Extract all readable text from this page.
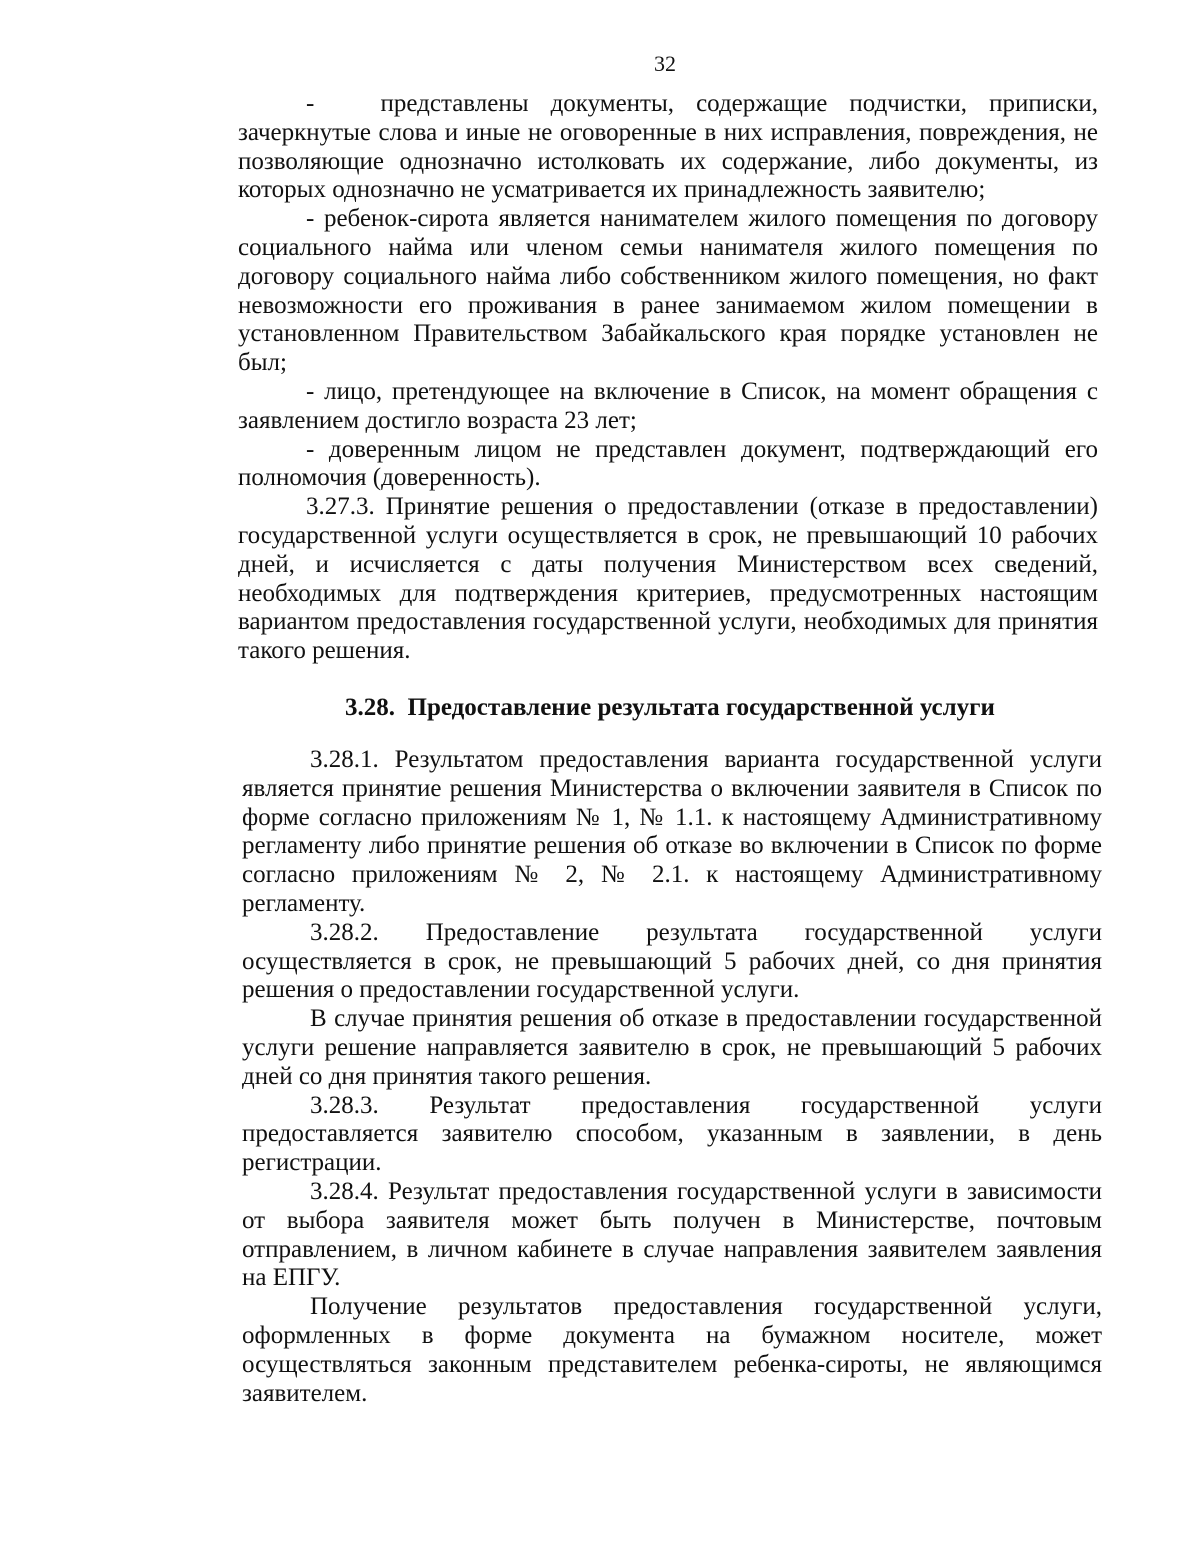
32

-   представлены документы, содержащие подчистки, приписки, зачеркнутые слова и иные не оговоренные в них исправления, повреждения, не позволяющие однозначно истолковать их содержание, либо документы, из которых однозначно не усматривается их принадлежность заявителю;

- ребенок-сирота является нанимателем жилого помещения по договору социального найма или членом семьи нанимателя жилого помещения по договору социального найма либо собственником жилого помещения, но факт невозможности его проживания в ранее занимаемом жилом помещении в установленном Правительством Забайкальского края порядке установлен не был;

- лицо, претендующее на включение в Список, на момент обращения с заявлением достигло возраста 23 лет;

- доверенным лицом не представлен документ, подтверждающий его полномочия (доверенность).

3.27.3. Принятие решения о предоставлении (отказе в предоставлении) государственной услуги осуществляется в срок, не превышающий 10 рабочих дней, и исчисляется с даты получения Министерством всех сведений, необходимых для подтверждения критериев, предусмотренных настоящим вариантом предоставления государственной услуги, необходимых для принятия такого решения.

3.28.  Предоставление результата государственной услуги

3.28.1. Результатом предоставления варианта государственной услуги является принятие решения Министерства о включении заявителя в Список по форме согласно приложениям № 1, № 1.1. к настоящему Административному регламенту либо принятие решения об отказе во включении в Список по форме согласно приложениям № 2, № 2.1. к настоящему Административному регламенту.

3.28.2. Предоставление результата государственной услуги осуществляется в срок, не превышающий 5 рабочих дней, со дня принятия решения о предоставлении государственной услуги.

В случае принятия решения об отказе в предоставлении государственной услуги решение направляется заявителю в срок, не превышающий 5 рабочих дней со дня принятия такого решения.

3.28.3. Результат предоставления государственной услуги предоставляется заявителю способом, указанным в заявлении, в день регистрации.

3.28.4. Результат предоставления государственной услуги в зависимости от выбора заявителя может быть получен в Министерстве, почтовым отправлением, в личном кабинете в случае направления заявителем заявления на ЕПГУ.

Получение результатов предоставления государственной услуги, оформленных в форме документа на бумажном носителе, может осуществляться законным представителем ребенка-сироты, не являющимся заявителем.
